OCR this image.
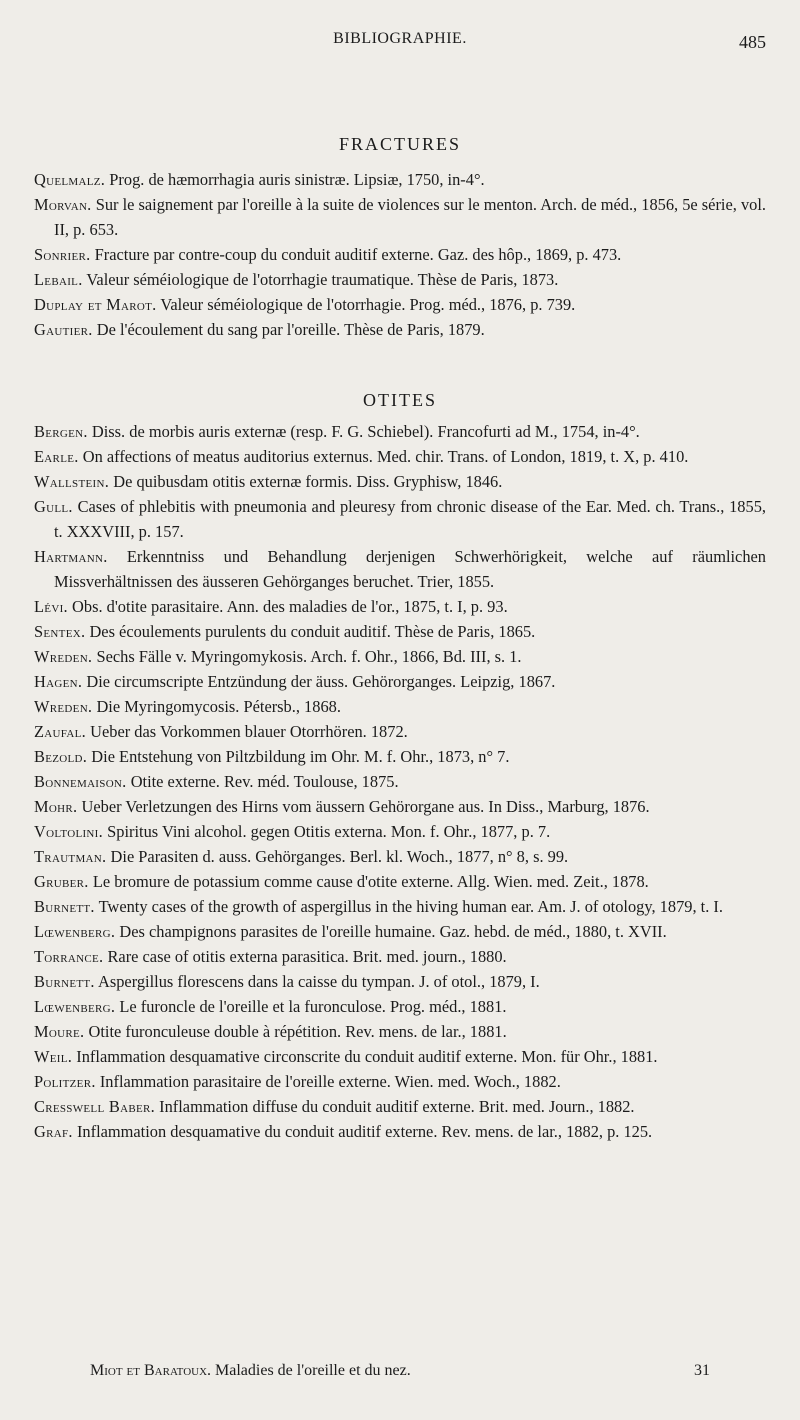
BIBLIOGRAPHIE.	485
FRACTURES
Quelmalz. Prog. de hæmorrhagia auris sinistræ. Lipsiæ, 1750, in-4°.
Morvan. Sur le saignement par l'oreille à la suite de violences sur le menton. Arch. de méd., 1856, 5e série, vol. II, p. 653.
Sonrier. Fracture par contre-coup du conduit auditif externe. Gaz. des hôp., 1869, p. 473.
Lebail. Valeur séméiologique de l'otorrhagie traumatique. Thèse de Paris, 1873.
Duplay et Marot. Valeur séméiologique de l'otorrhagie. Prog. méd., 1876, p. 739.
Gautier. De l'écoulement du sang par l'oreille. Thèse de Paris, 1879.
OTITES
Bergen. Diss. de morbis auris externæ (resp. F. G. Schiebel). Francofurti ad M., 1754, in-4°.
Earle. On affections of meatus auditorius externus. Med. chir. Trans. of London, 1819, t. X, p. 410.
Wallstein. De quibusdam otitis externæ formis. Diss. Gryphisw, 1846.
Gull. Cases of phlebitis with pneumonia and pleuresy from chronic disease of the Ear. Med. ch. Trans., 1855, t. XXXVIII, p. 157.
Hartmann. Erkenntniss und Behandlung derjenigen Schwerhörigkeit, welche auf räumlichen Missverhältnissen des äusseren Gehörganges beruchet. Trier, 1855.
Lévi. Obs. d'otite parasitaire. Ann. des maladies de l'or., 1875, t. I, p. 93.
Sentex. Des écoulements purulents du conduit auditif. Thèse de Paris, 1865.
Wreden. Sechs Fälle v. Myringomykosis. Arch. f. Ohr., 1866, Bd. III, s. 1.
Hagen. Die circumscripte Entzündung der äuss. Gehörorganges. Leipzig, 1867.
Wreden. Die Myringomycosis. Pétersb., 1868.
Zaufal. Ueber das Vorkommen blauer Otorrhören. 1872.
Bezold. Die Entstehung von Piltzbildung im Ohr. M. f. Ohr., 1873, n° 7.
Bonnemaison. Otite externe. Rev. méd. Toulouse, 1875.
Mohr. Ueber Verletzungen des Hirns vom äussern Gehörorgane aus. In Diss., Marburg, 1876.
Voltolini. Spiritus Vini alcohol. gegen Otitis externa. Mon. f. Ohr., 1877, p. 7.
Trautman. Die Parasiten d. auss. Gehörganges. Berl. kl. Woch., 1877, n° 8, s. 99.
Gruber. Le bromure de potassium comme cause d'otite externe. Allg. Wien. med. Zeit., 1878.
Burnett. Twenty cases of the growth of aspergillus in the hiving human ear. Am. J. of otology, 1879, t. I.
Lœwenberg. Des champignons parasites de l'oreille humaine. Gaz. hebd. de méd., 1880, t. XVII.
Torrance. Rare case of otitis externa parasitica. Brit. med. journ., 1880.
Burnett. Aspergillus florescens dans la caisse du tympan. J. of otol., 1879, I.
Lœwenberg. Le furoncle de l'oreille et la furonculose. Prog. méd., 1881.
Moure. Otite furonculeuse double à répétition. Rev. mens. de lar., 1881.
Weil. Inflammation desquamative circonscrite du conduit auditif externe. Mon. für Ohr., 1881.
Politzer. Inflammation parasitaire de l'oreille externe. Wien. med. Woch., 1882.
Cresswell Baber. Inflammation diffuse du conduit auditif externe. Brit. med. Journ., 1882.
Graf. Inflammation desquamative du conduit auditif externe. Rev. mens. de lar., 1882, p. 125.
Miot et Baratoux. Maladies de l'oreille et du nez.	31
